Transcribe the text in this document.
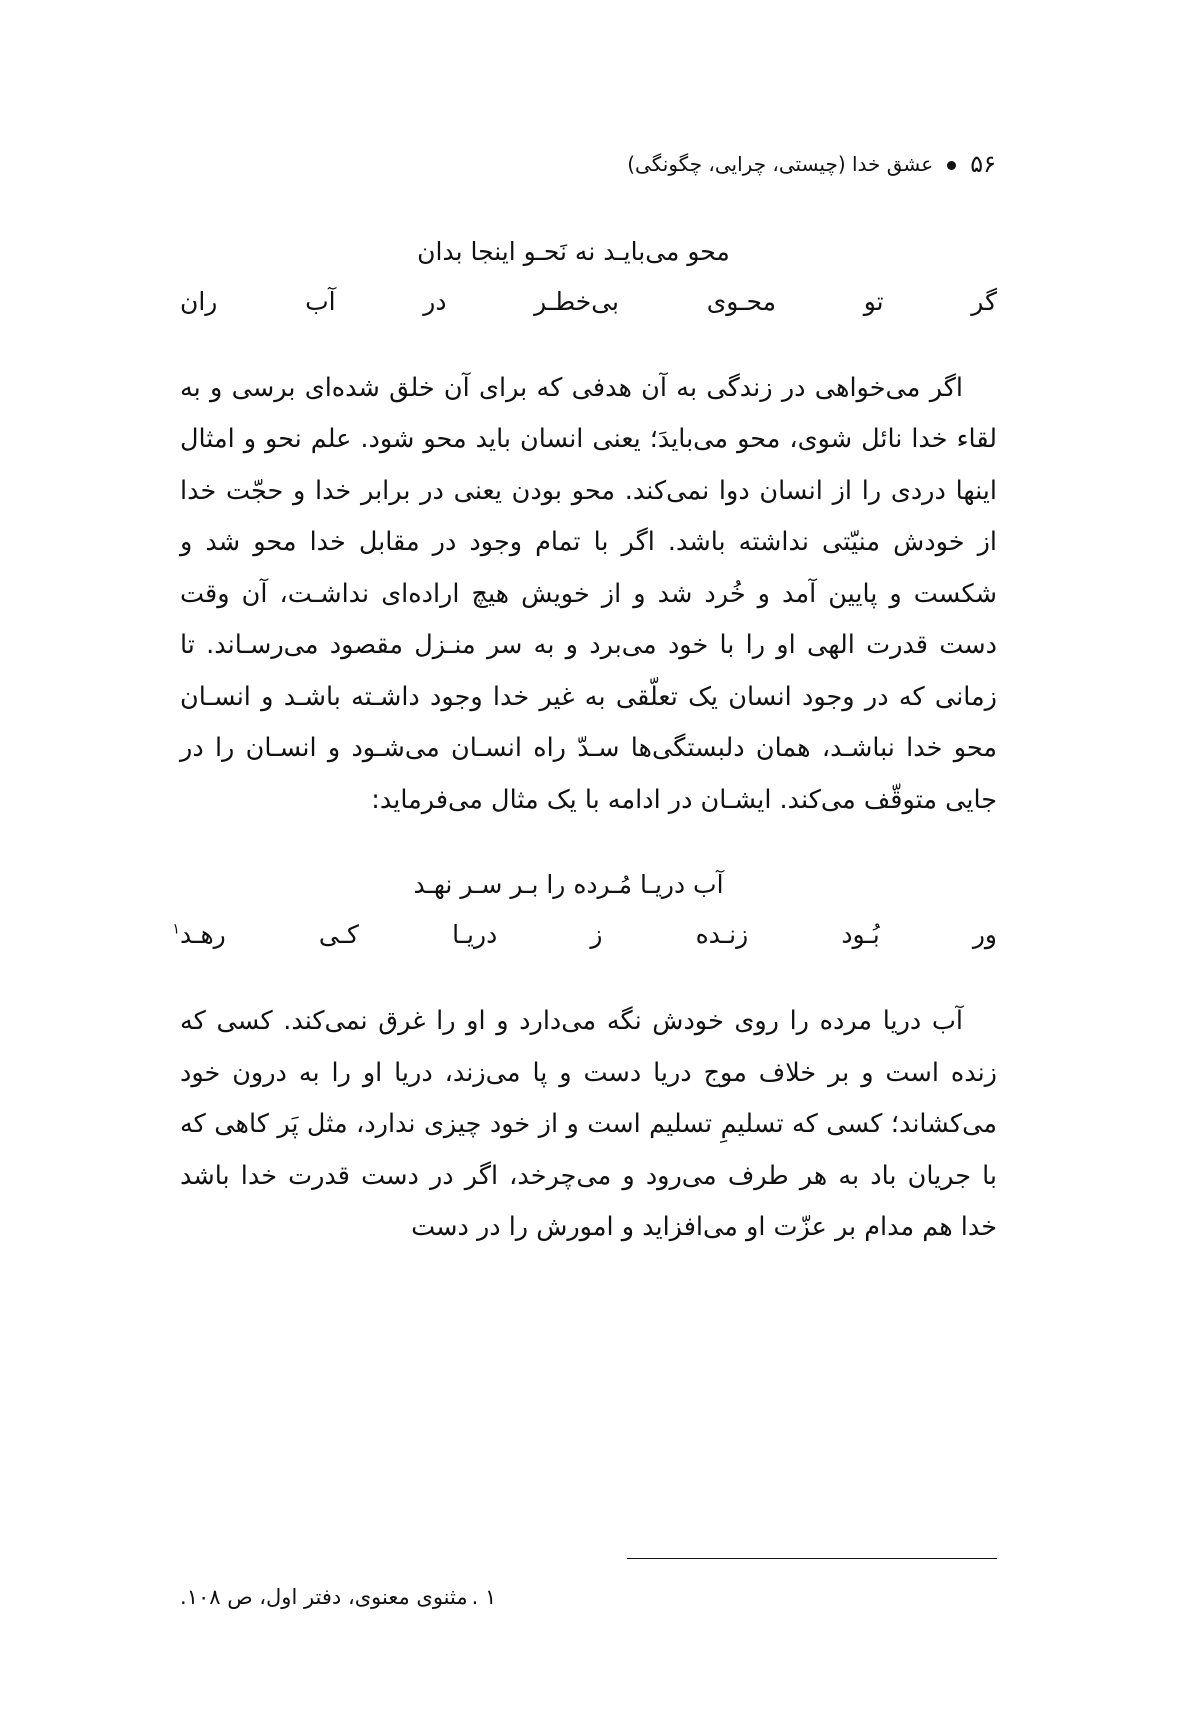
۵۶
عشق خدا (چیستی، چرایی، چگونگی)
محو می‌بایـد نه نَحـو اینجا بدان
گر تو محـوی بی‌خطـر در آب ران

اگر می‌خواهی در زندگی به آن هدفی که برای آن خلق شده‌ای برسی و به لقاء خدا نائل شوی، محو می‌بایدَ؛ یعنی انسان باید محو شود. علم نحو و امثال اینها دردی را از انسان دوا نمی‌کند. محو بودن یعنی در برابر خدا و حجّت خدا از خودش منیّتی نداشته باشد. اگر با تمام وجود در مقابل خدا محو شد و شکست و پایین آمد و خُرد شد و از خویش هیچ اراده‌ای نداشـت، آن وقت دست قدرت الهی او را با خود می‌برد و به سر منـزل مقصود می‌رسـاند. تا زمانی که در وجود انسان یک تعلّقی به غیر خدا وجود داشـته باشـد و انسـان محو خدا نباشـد، همان دلبستگی‌ها سـدّ راه انسـان می‌شـود و انسـان را در جایی متوقّف می‌کند. ایشـان در ادامه با یک مثال می‌فرماید:

آب دریـا مُـرده را بـر سـر نهـد
ور بُـود زنـده ز دریـا کـی رهـد$^۱$

آب دریا مرده را روی خودش نگه می‌دارد و او را غرق نمی‌کند. کسی که زنده است و بر خلاف موج دریا دست و پا می‌زند، دریا او را به درون خود می‌کشاند؛ کسی که تسلیمِ تسلیم است و از خود چیزی ندارد، مثل پَر کاهی که با جریان باد به هر طرف می‌رود و می‌چرخد، اگر در دست قدرت خدا باشد خدا هم مدام بر عزّت او می‌افزاید و امورش را در دست

۱ .مثنوی معنوی، دفتر اول، ص ۱۰۸.
